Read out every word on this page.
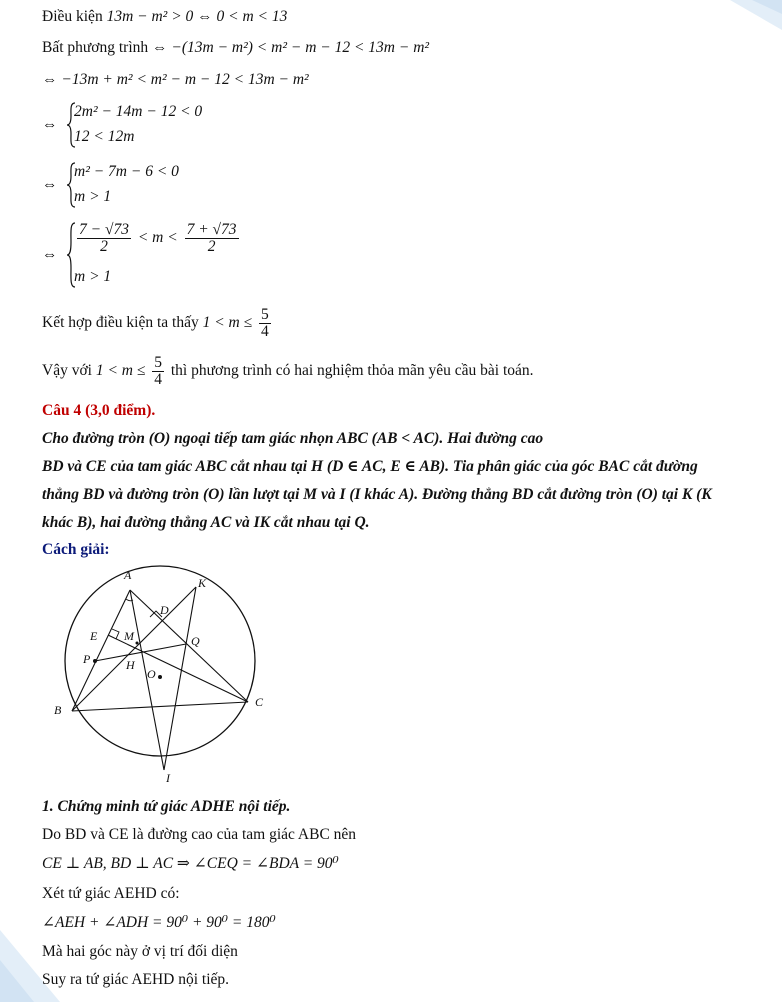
Điều kiện 13m − m² > 0 ⇔ 0 < m < 13
Bất phương trình ⇔ −(13m − m²) < m² − m − 12 < 13m − m²
⇔ −13m + m² < m² − m − 12 < 13m − m²
⇔
2m² − 14m − 12 < 0
12 < 12m
⇔
m² − 7m − 6 < 0
m > 1
⇔ $\frac{7 - √73}{2} < m < \frac{7 + √73}{2}$
m > 1
Kết hợp điều kiện ta thấy $1 < m \le \frac{5}{4}$
Vậy với $1 < m \le \frac{5}{4}$ thì phương trình có hai nghiệm thỏa mãn yêu cầu bài toán.
Câu 4 (3,0 điểm).
Cho đường tròn (O) ngoại tiếp tam giác nhọn ABC (AB < AC). Hai đường cao
BD và CE của tam giác ABC cắt nhau tại H (D ∈ AC, E ∈ AB). Tia phân giác của góc BAC cắt đường
thẳng BD và đường tròn (O) lần lượt tại M và I (I khác A). Đường thẳng BD cắt đường tròn (O) tại K (K
khác B), hai đường thẳng AC và IK cắt nhau tại Q.
Cách giải:
A
K
D
E M	Q
P	H
O
B
C
I
1. Chứng minh tứ giác ADHE nội tiếp.
Do BD và CE là đường cao của tam giác ABC nên
CE ⊥ AB, BD ⊥ AC ⇒ ∠CEQ = ∠BDA = 90⁰
Xét tứ giác AEHD có:
∠AEH + ∠ADH = 90⁰ + 90⁰ = 180⁰
Mà hai góc này ở vị trí đối diện
Suy ra tứ giác AEHD nội tiếp.
